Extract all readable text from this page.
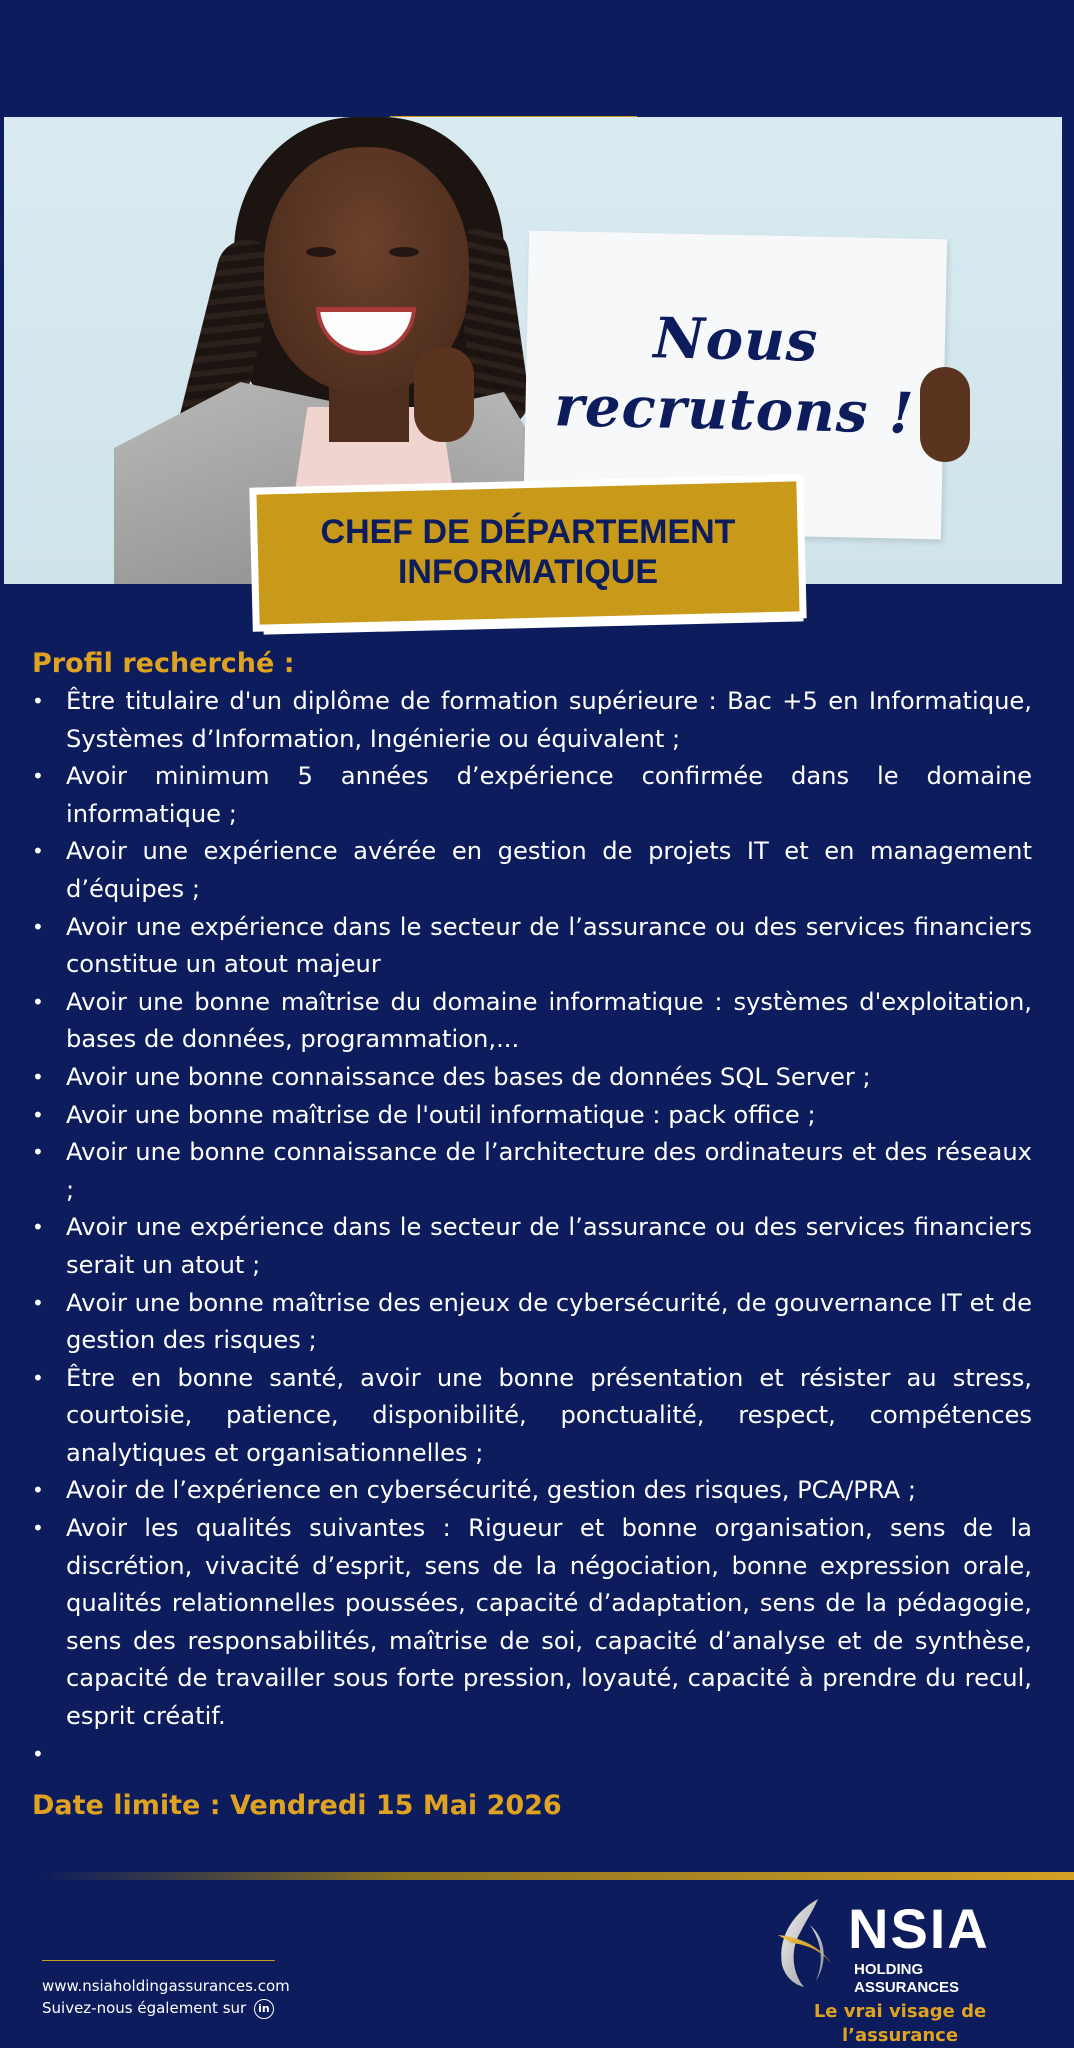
Nous
recrutons !
CHEF DE DÉPARTEMENT
INFORMATIQUE
Profil recherché :
• Être titulaire d'un diplôme de formation supérieure : Bac +5 en Informatique, Systèmes d’Information, Ingénierie ou équivalent ;
• Avoir minimum 5 années d’expérience confirmée dans le domaine informatique ;
• Avoir une expérience avérée en gestion de projets IT et en management d’équipes ;
• Avoir une expérience dans le secteur de l’assurance ou des services financiers constitue un atout majeur
• Avoir une bonne maîtrise du domaine informatique : systèmes d'exploitation, bases de données, programmation,...
• Avoir une bonne connaissance des bases de données SQL Server ;
• Avoir une bonne maîtrise de l'outil informatique : pack office ;
• Avoir une bonne connaissance de l’architecture des ordinateurs et des réseaux ;
• Avoir une expérience dans le secteur de l’assurance ou des services financiers serait un atout ;
• Avoir une bonne maîtrise des enjeux de cybersécurité, de gouvernance IT et de gestion des risques ;
• Être en bonne santé, avoir une bonne présentation et résister au stress, courtoisie, patience, disponibilité, ponctualité, respect, compétences analytiques et organisationnelles ;
• Avoir de l’expérience en cybersécurité, gestion des risques, PCA/PRA ;
• Avoir les qualités suivantes : Rigueur et bonne organisation, sens de la discrétion, vivacité d’esprit, sens de la négociation, bonne expression orale, qualités relationnelles poussées, capacité d’adaptation, sens de la pédagogie, sens des responsabilités, maîtrise de soi, capacité d’analyse et de synthèse, capacité de travailler sous forte pression, loyauté, capacité à prendre du recul, esprit créatif.
•
Date limite : Vendredi 15 Mai 2026
www.nsiaholdingassurances.com
Suivez-nous également sur in
NSIA
HOLDING ASSURANCES
Le vrai visage de l’assurance
